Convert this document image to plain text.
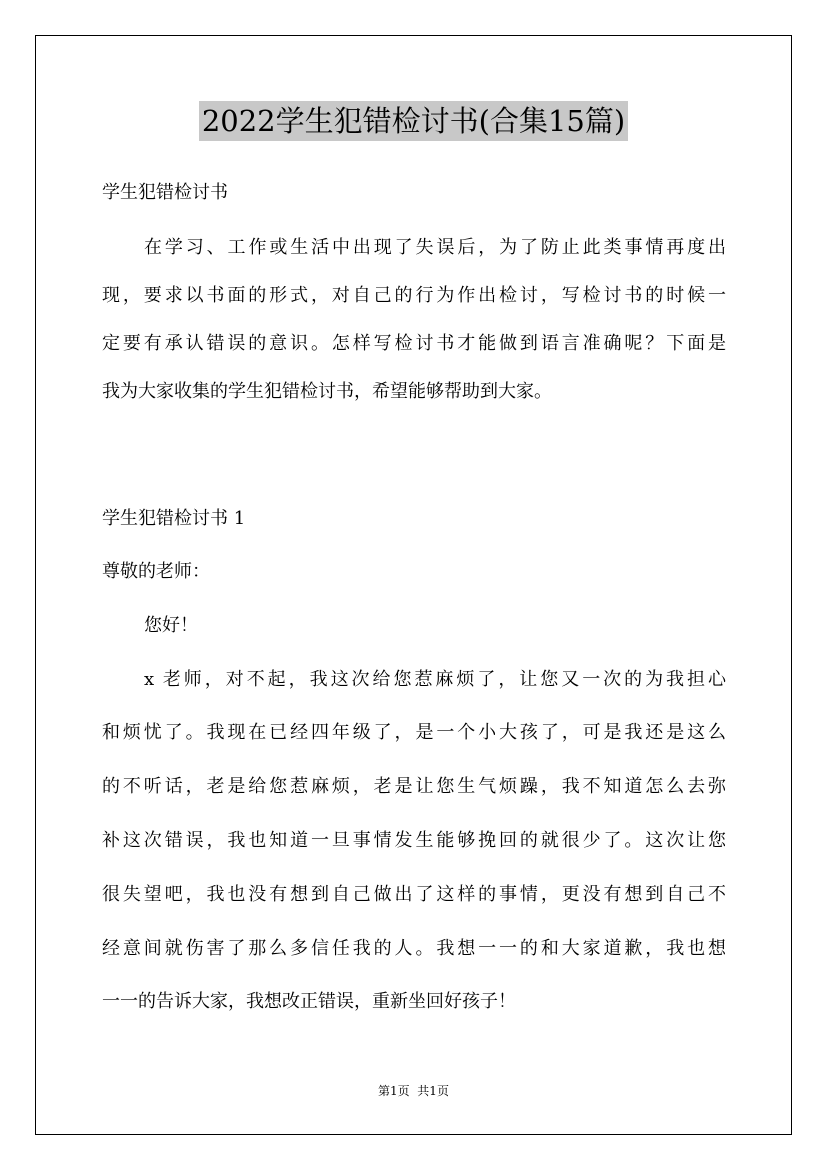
2022学生犯错检讨书(合集15篇)
学生犯错检讨书
在学习、工作或生活中出现了失误后，为了防止此类事情再度出
现，要求以书面的形式，对自己的行为作出检讨，写检讨书的时候一
定要有承认错误的意识。怎样写检讨书才能做到语言准确呢？下面是
我为大家收集的学生犯错检讨书，希望能够帮助到大家。
学生犯错检讨书 1
尊敬的老师：
您好！
x 老师，对不起，我这次给您惹麻烦了，让您又一次的为我担心
和烦忧了。我现在已经四年级了，是一个小大孩了，可是我还是这么
的不听话，老是给您惹麻烦，老是让您生气烦躁，我不知道怎么去弥
补这次错误，我也知道一旦事情发生能够挽回的就很少了。这次让您
很失望吧，我也没有想到自己做出了这样的事情，更没有想到自己不
经意间就伤害了那么多信任我的人。我想一一的和大家道歉，我也想
一一的告诉大家，我想改正错误，重新坐回好孩子！
第1页  共1页
